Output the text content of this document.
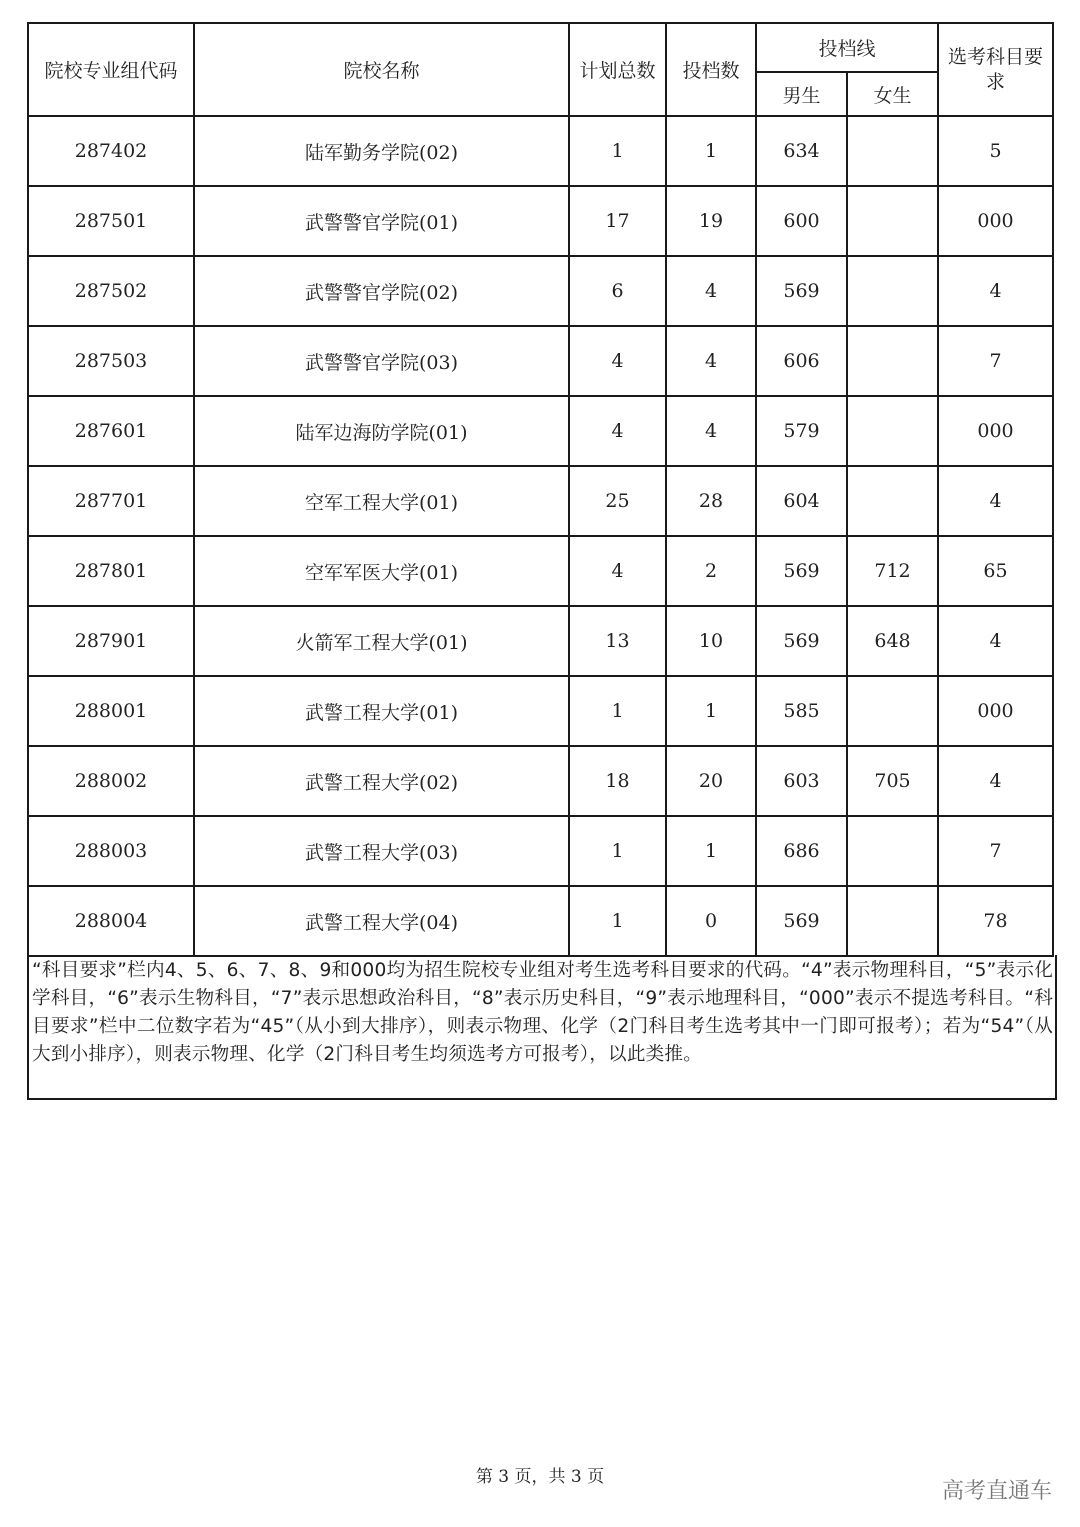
院校专业组代码	院校名称	计划总数	投档数	投档线		选考科目要求
				男生	女生	
287402	陆军勤务学院(02)	1	1	634		5
287501	武警警官学院(01)	17	19	600		000
287502	武警警官学院(02)	6	4	569		4
287503	武警警官学院(03)	4	4	606		7
287601	陆军边海防学院(01)	4	4	579		000
287701	空军工程大学(01)	25	28	604		4
287801	空军军医大学(01)	4	2	569	712	65
287901	火箭军工程大学(01)	13	10	569	648	4
288001	武警工程大学(01)	1	1	585		000
288002	武警工程大学(02)	18	20	603	705	4
288003	武警工程大学(03)	1	1	686		7
288004	武警工程大学(04)	1	0	569		78
“科目要求”栏内4、5、6、7、8、9和000均为招生院校专业组对考生选考科目要求的代码。“4”表示物理科目，“5”表示化学科目，“6”表示生物科目，“7”表示思想政治科目，“8”表示历史科目，“9”表示地理科目，“000”表示不提选考科目。“科目要求”栏中二位数字若为“45”（从小到大排序），则表示物理、化学（2门科目考生选考其中一门即可报考）；若为“54”（从大到小排序），则表示物理、化学（2门科目考生均须选考方可报考），以此类推。
第 3 页，共 3 页
高考直通车
